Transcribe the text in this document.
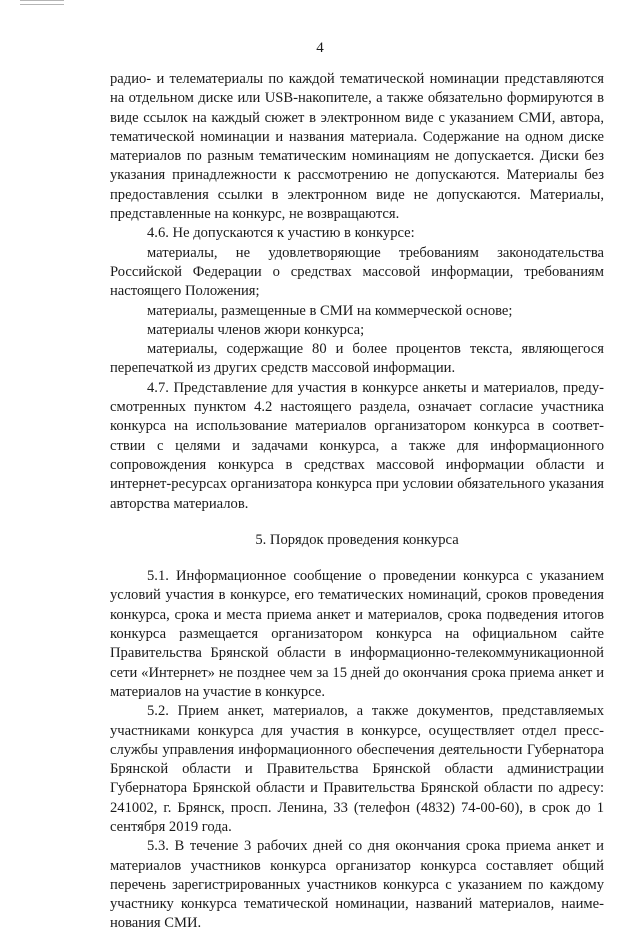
4

радио- и телематериалы по каждой тематической номинации представляются на отдельном диске или USB-накопителе, а также обязательно формируются в виде ссылок на каждый сюжет в электронном виде с указанием СМИ, автора, тематической номинации и названия материала. Содержание на одном диске материалов по разным тематическим номинациям не допускается. Диски без указания принадлежности к рассмотрению не допускаются. Материалы без предоставления ссылки в электронном виде не допускаются. Материалы, представленные на конкурс, не возвращаются.

4.6. Не допускаются к участию в конкурсе:

материалы, не удовлетворяющие требованиям законодательства Российской Федерации о средствах массовой информации, требованиям настоящего Положения;

материалы, размещенные в СМИ на коммерческой основе;

материалы членов жюри конкурса;

материалы, содержащие 80 и более процентов текста, являющегося перепечаткой из других средств массовой информации.

4.7. Представление для участия в конкурсе анкеты и материалов, предусмотренных пунктом 4.2 настоящего раздела, означает согласие участника конкурса на использование материалов организатором конкурса в соответствии с целями и задачами конкурса, а также для информационного сопровождения конкурса в средствах массовой информации области и интернет-ресурсах организатора конкурса при условии обязательного указания авторства материалов.

5. Порядок проведения конкурса

5.1. Информационное сообщение о проведении конкурса с указанием условий участия в конкурсе, его тематических номинаций, сроков проведения конкурса, срока и места приема анкет и материалов, срока подведения итогов конкурса размещается организатором конкурса на официальном сайте Правительства Брянской области в информационно-телекоммуникационной сети «Интернет» не позднее чем за 15 дней до окончания срока приема анкет и материалов на участие в конкурсе.

5.2. Прием анкет, материалов, а также документов, представляемых участниками конкурса для участия в конкурсе, осуществляет отдел прессслужбы управления информационного обеспечения деятельности Губернатора Брянской области и Правительства Брянской области администрации Губернатора Брянской области и Правительства Брянской области по адресу: 241002, г. Брянск, просп. Ленина, 33 (телефон (4832) 74-00-60), в срок до 1 сентября 2019 года.

5.3. В течение 3 рабочих дней со дня окончания срока приема анкет и материалов участников конкурса организатор конкурса составляет общий перечень зарегистрированных участников конкурса с указанием по каждому участнику конкурса тематической номинации, названий материалов, наименования СМИ.
